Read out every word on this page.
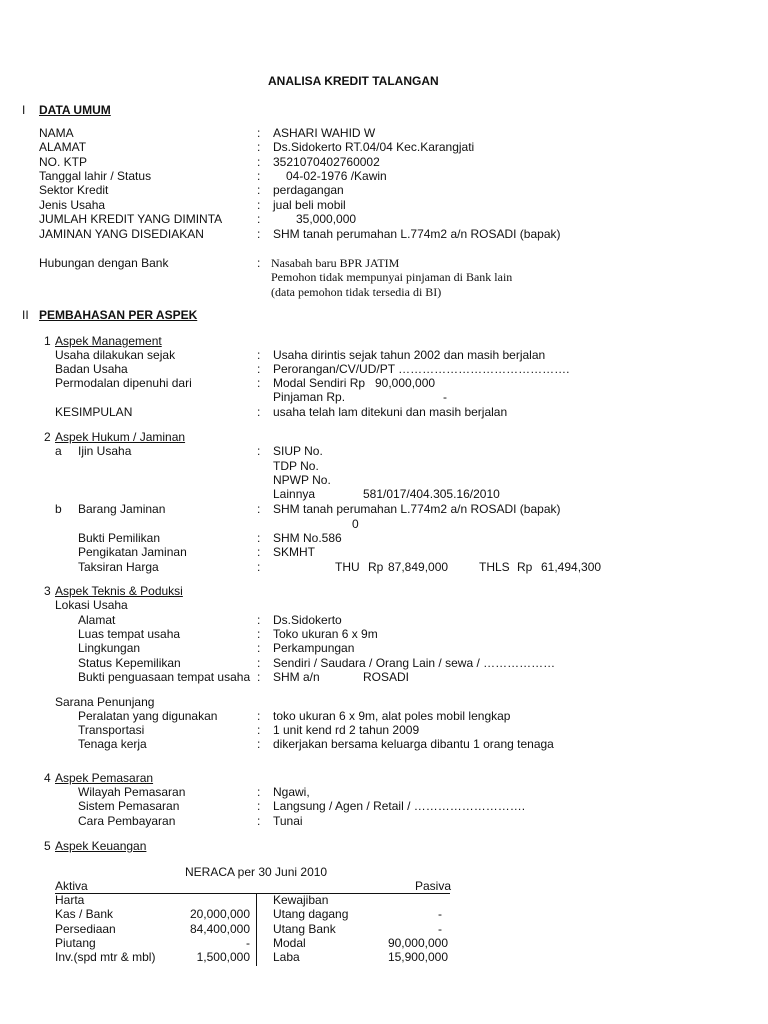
ANALISA KREDIT TALANGAN
I DATA UMUM
NAMA	: ASHARI WAHID W
ALAMAT	: Ds.Sidokerto RT.04/04 Kec.Karangjati
NO. KTP	: 3521070402760002
Tanggal lahir / Status	: 04-02-1976 /Kawin
Sektor Kredit	: perdagangan
Jenis Usaha	: jual beli mobil
JUMLAH KREDIT YANG DIMINTA	:	35,000,000
JAMINAN YANG DISEDIAKAN	: SHM tanah perumahan L.774m2 a/n ROSADI (bapak)
Hubungan dengan Bank	: Nasabah baru BPR JATIM
Pemohon tidak mempunyai pinjaman di Bank lain
(data pemohon tidak tersedia di BI)
II PEMBAHASAN PER ASPEK
1 Aspek Management
Usaha dilakukan sejak	: Usaha dirintis sejak tahun 2002 dan masih berjalan
Badan Usaha	: Perorangan/CV/UD/PT …………………………………….
Permodalan dipenuhi dari	: Modal Sendiri Rp 90,000,000
Pinjaman Rp.	-
KESIMPULAN	: usaha telah lam ditekuni dan masih berjalan
2 Aspek Hukum / Jaminan
a Ijin Usaha	: SIUP No.
TDP No.
NPWP No.
Lainnya	581/017/404.305.16/2010
b Barang Jaminan	: SHM tanah perumahan L.774m2 a/n ROSADI (bapak)
0
Bukti Pemilikan	: SHM No.586
Pengikatan Jaminan	: SKMHT
Taksiran Harga	:	THU Rp 87,849,000	THLS Rp 61,494,300
3 Aspek Teknis & Poduksi
Lokasi Usaha
Alamat	: Ds.Sidokerto
Luas tempat usaha	: Toko ukuran 6 x 9m
Lingkungan	: Perkampungan
Status Kepemilikan	: Sendiri / Saudara / Orang Lain / sewa / ………………
Bukti penguasaan tempat usaha : SHM a/n	ROSADI
Sarana Penunjang
Peralatan yang digunakan	: toko ukuran 6 x 9m, alat poles mobil lengkap
Transportasi	: 1 unit kend rd 2 tahun 2009
Tenaga kerja	: dikerjakan bersama keluarga dibantu 1 orang tenaga
4 Aspek Pemasaran
Wilayah Pemasaran	: Ngawi,
Sistem Pemasaran	: Langsung / Agen / Retail / ……………………….
Cara Pembayaran	: Tunai
5 Aspek Keuangan
NERACA per 30 Juni 2010
Aktiva	Pasiva
Harta	Kewajiban
Kas / Bank	20,000,000 Utang dagang	-
Persediaan	84,400,000 Utang Bank	-
Piutang	- Modal	90,000,000
Inv.(spd mtr & mbl)	1,500,000 Laba	15,900,000
